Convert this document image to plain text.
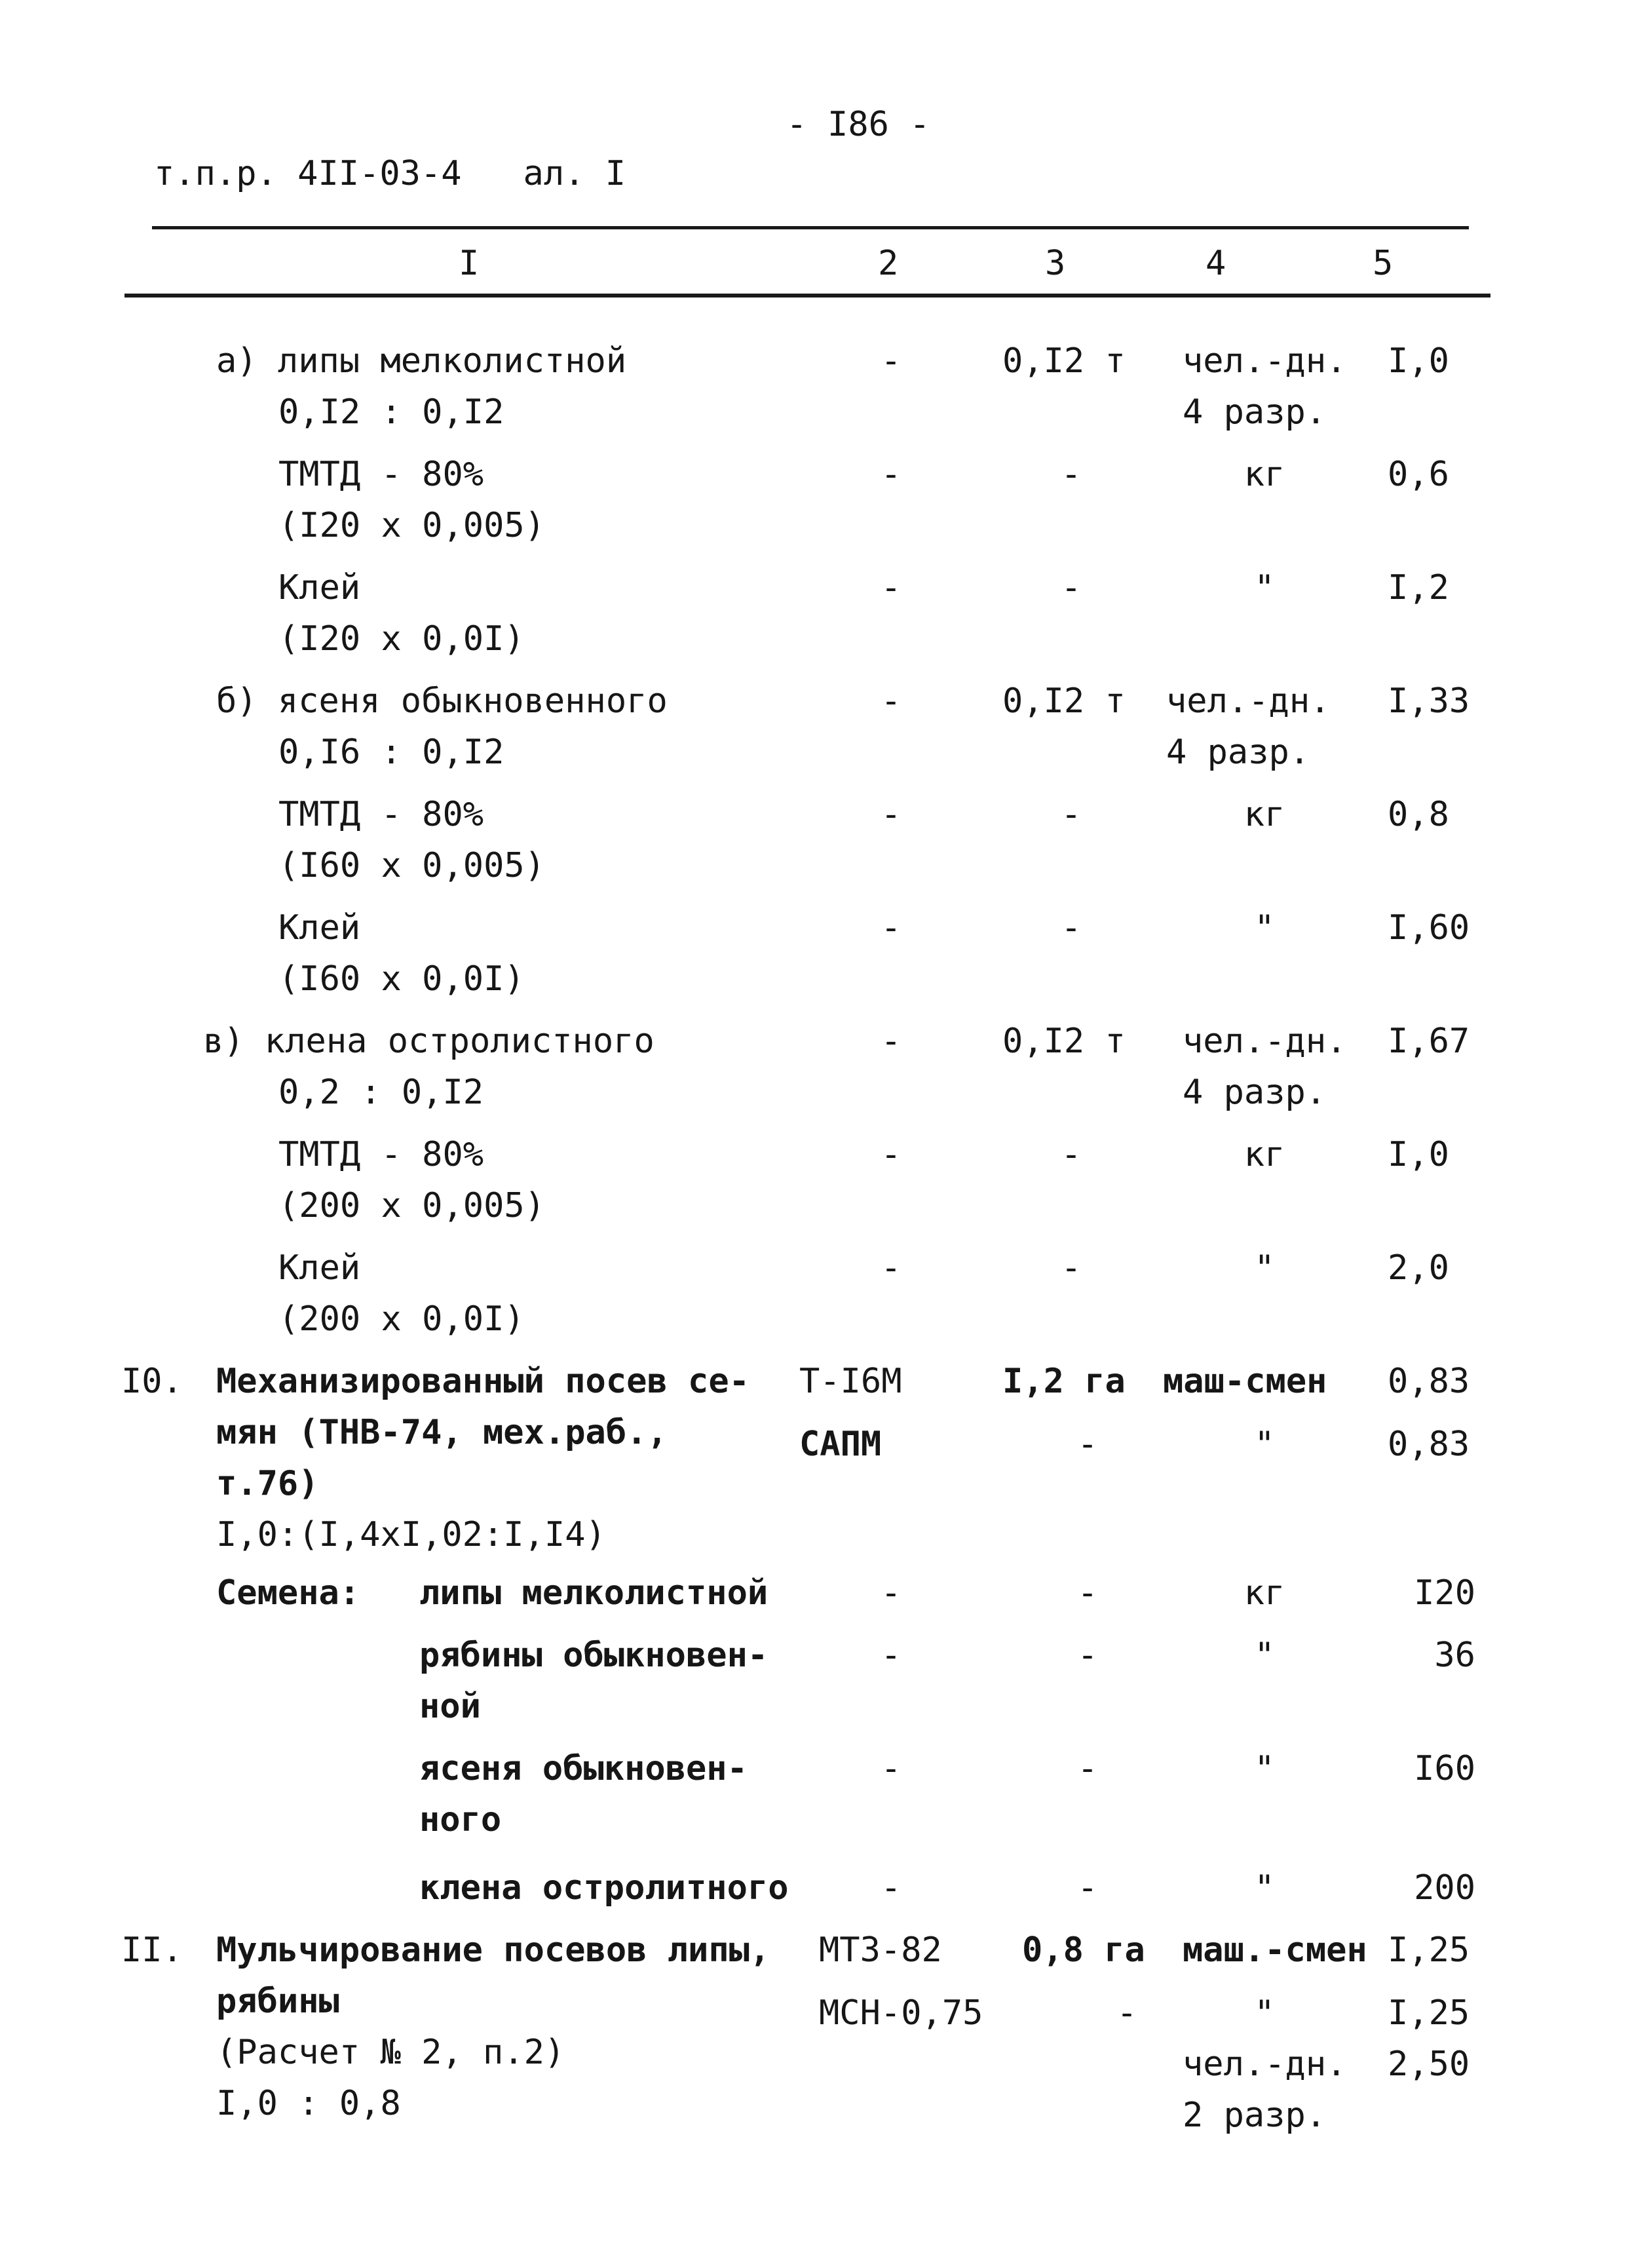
- I86 -
т.п.р. 4II-03-4   ал. I
I	2	3	4	5
а) липы мелколистной
0,I2 : 0,I2
-	0,I2 т чел.-дн.
4 разр.
I,0
ТМТД - 80%
(I20 x 0,005)
-	-	кг	0,6
Клей
(I20 x 0,0I)
-	-	"	I,2
б) ясеня обыкновенного
0,I6 : 0,I2
-	0,I2 т чел.-дн.
4 разр.
I,33
ТМТД - 80%
(I60 x 0,005)
-	-	кг	0,8
Клей
(I60 x 0,0I)
-	-	"	I,60
в) клена остролистного
0,2 : 0,I2
-	0,I2 т чел.-дн.
4 разр.
I,67
ТМТД - 80%
(200 x 0,005)
-	-	кг	I,0
Клей
(200 x 0,0I)
-	-	"	2,0
I0. Механизированный посев се-
мян (ТНВ-74, мех.раб.,
т.76)
I,0:(I,4xI,02:I,I4)
Т-I6М
САПМ
I,2 га
-
маш-смен
"
0,83
0,83
Семена: липы мелколистной	-	-	кг	I20
рябины обыкновен-
ной
-	-	"	36
ясеня обыкновен-
ного
-	-	"	I60
клена остролитного	-	-	"	200
II. Мульчирование посевов липы,
рябины
(Расчет № 2, п.2)
I,0 : 0,8
МТЗ-82
МСН-0,75
0,8 га
-
маш.-смен
"
чел.-дн.
2 разр.
I,25
I,25
2,50
